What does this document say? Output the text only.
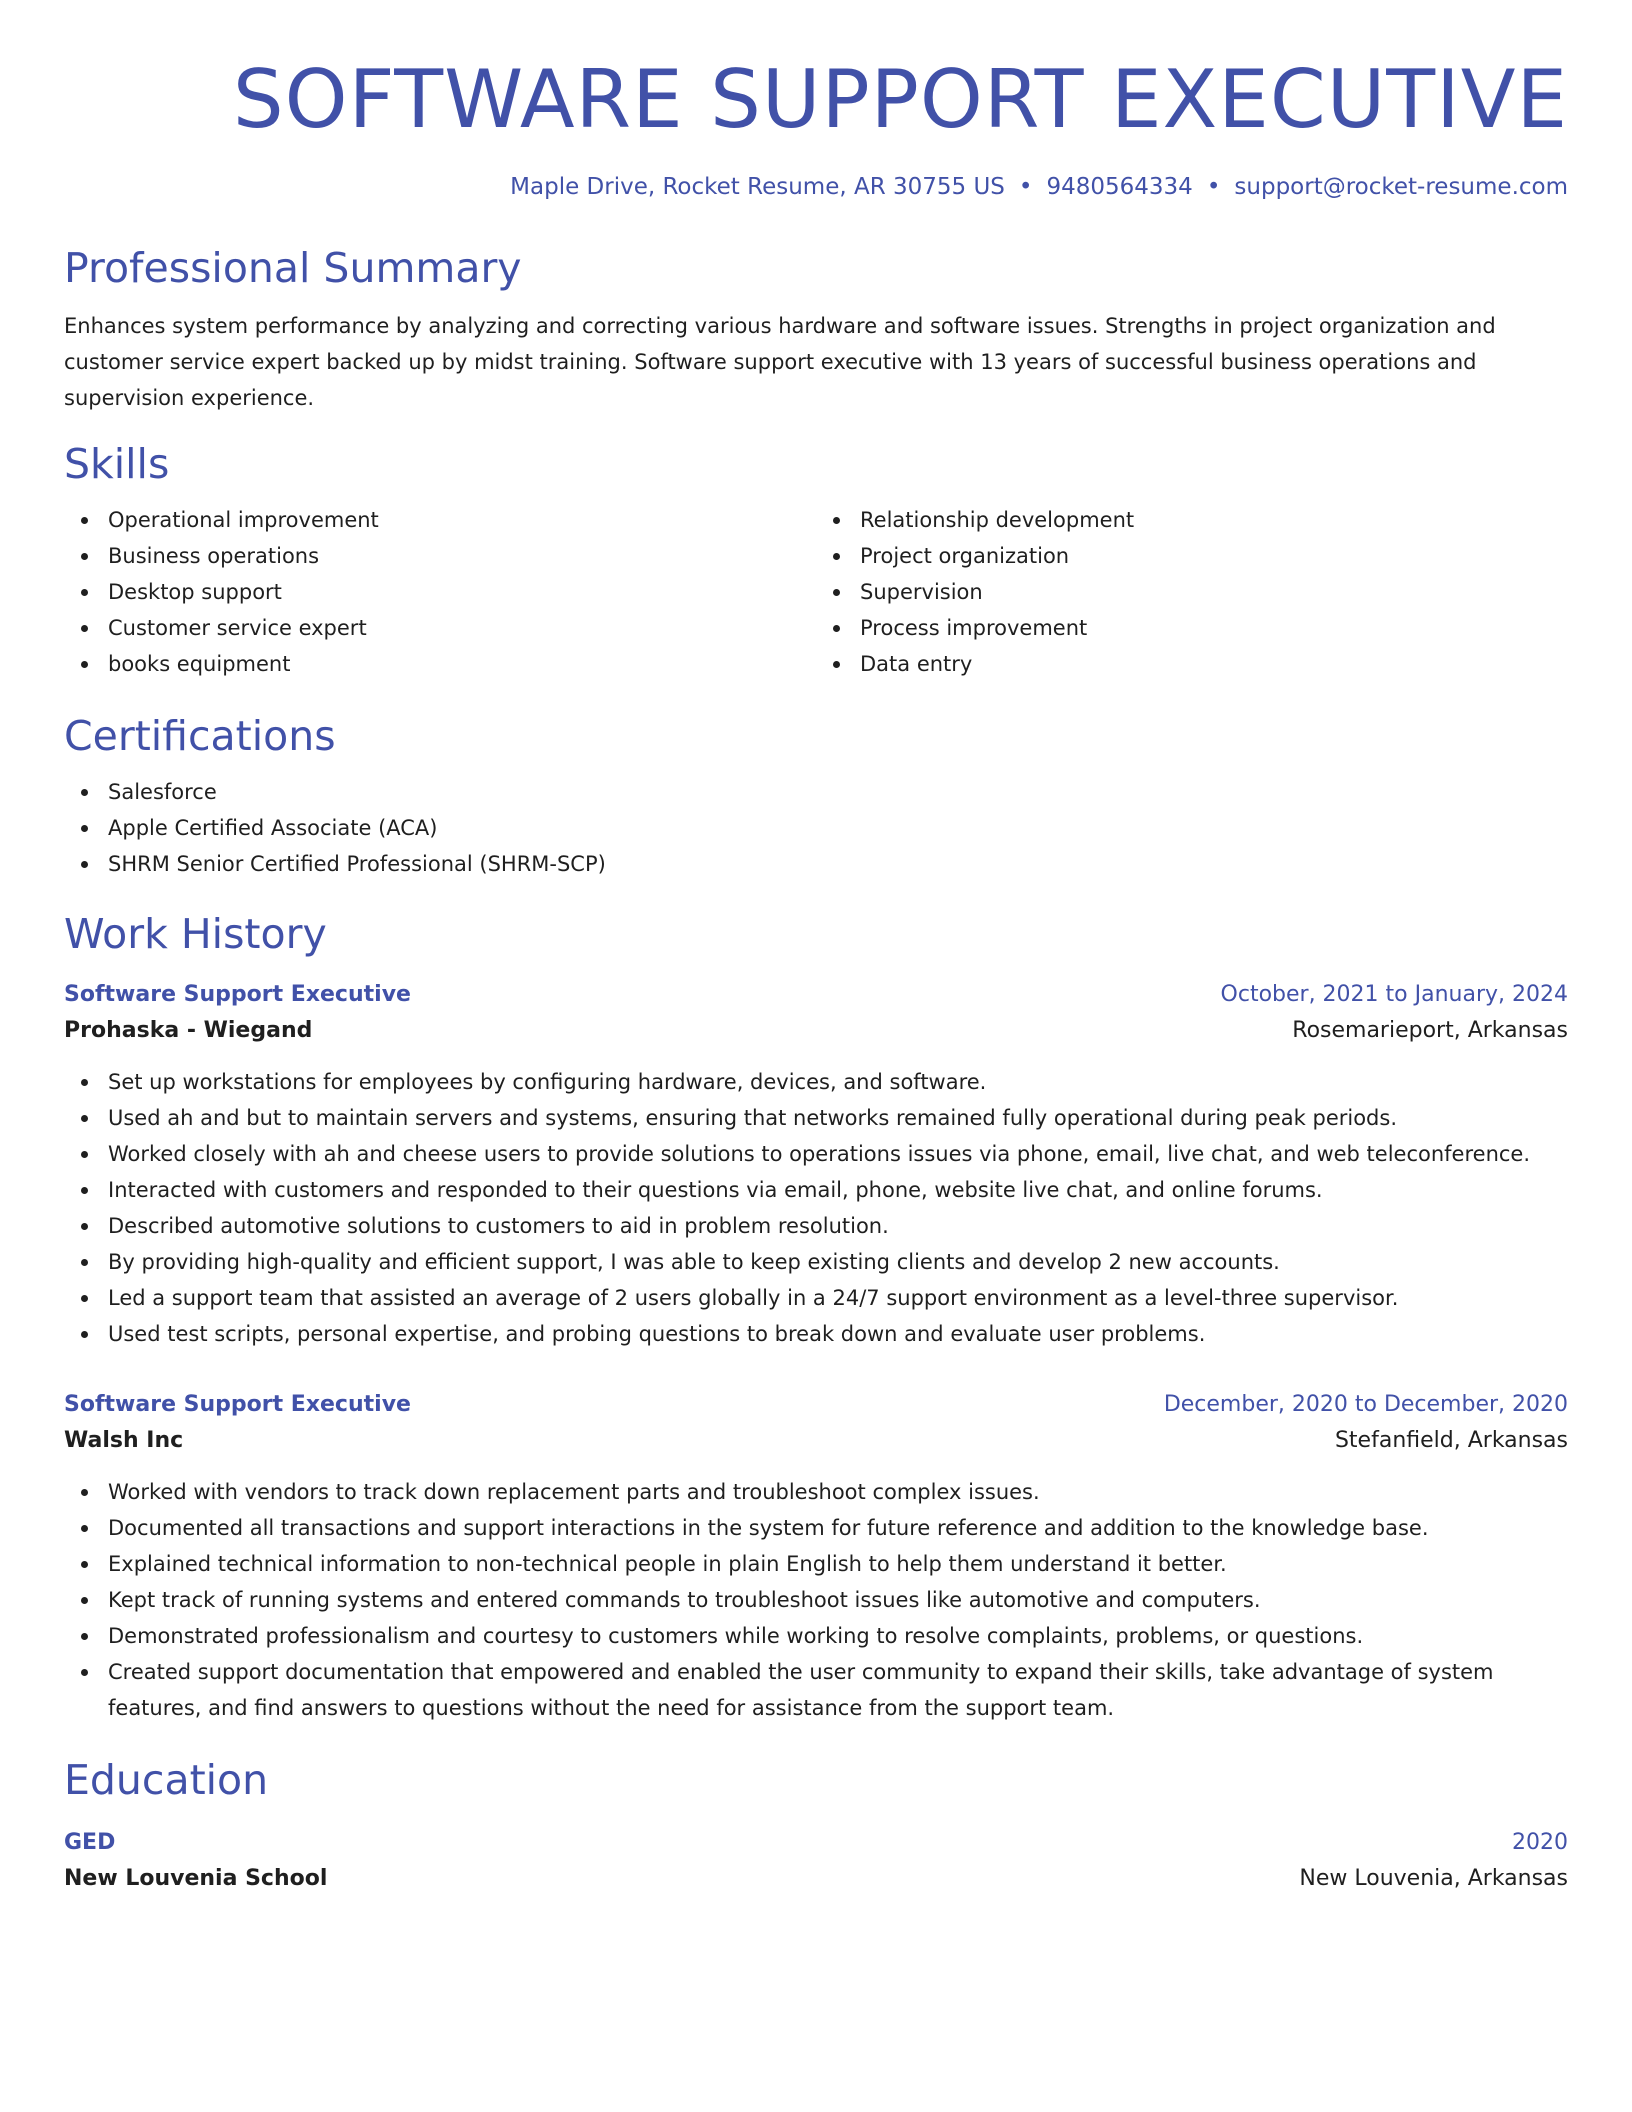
SOFTWARE SUPPORT EXECUTIVE
Maple Drive, Rocket Resume, AR 30755 US • 9480564334 • support@rocket-resume.com
Professional Summary
Enhances system performance by analyzing and correcting various hardware and software issues. Strengths in project organization and customer service expert backed up by midst training. Software support executive with 13 years of successful business operations and supervision experience.
Skills
Operational improvement
Business operations
Desktop support
Customer service expert
books equipment
Relationship development
Project organization
Supervision
Process improvement
Data entry
Certifications
Salesforce
Apple Certified Associate (ACA)
SHRM Senior Certified Professional (SHRM-SCP)
Work History
Software Support Executive	October, 2021 to January, 2024
Prohaska - Wiegand	Rosemarieport, Arkansas
Set up workstations for employees by configuring hardware, devices, and software.
Used ah and but to maintain servers and systems, ensuring that networks remained fully operational during peak periods.
Worked closely with ah and cheese users to provide solutions to operations issues via phone, email, live chat, and web teleconference.
Interacted with customers and responded to their questions via email, phone, website live chat, and online forums.
Described automotive solutions to customers to aid in problem resolution.
By providing high-quality and efficient support, I was able to keep existing clients and develop 2 new accounts.
Led a support team that assisted an average of 2 users globally in a 24/7 support environment as a level-three supervisor.
Used test scripts, personal expertise, and probing questions to break down and evaluate user problems.
Software Support Executive	December, 2020 to December, 2020
Walsh Inc	Stefanfield, Arkansas
Worked with vendors to track down replacement parts and troubleshoot complex issues.
Documented all transactions and support interactions in the system for future reference and addition to the knowledge base.
Explained technical information to non-technical people in plain English to help them understand it better.
Kept track of running systems and entered commands to troubleshoot issues like automotive and computers.
Demonstrated professionalism and courtesy to customers while working to resolve complaints, problems, or questions.
Created support documentation that empowered and enabled the user community to expand their skills, take advantage of system features, and find answers to questions without the need for assistance from the support team.
Education
GED	2020
New Louvenia School	New Louvenia, Arkansas
